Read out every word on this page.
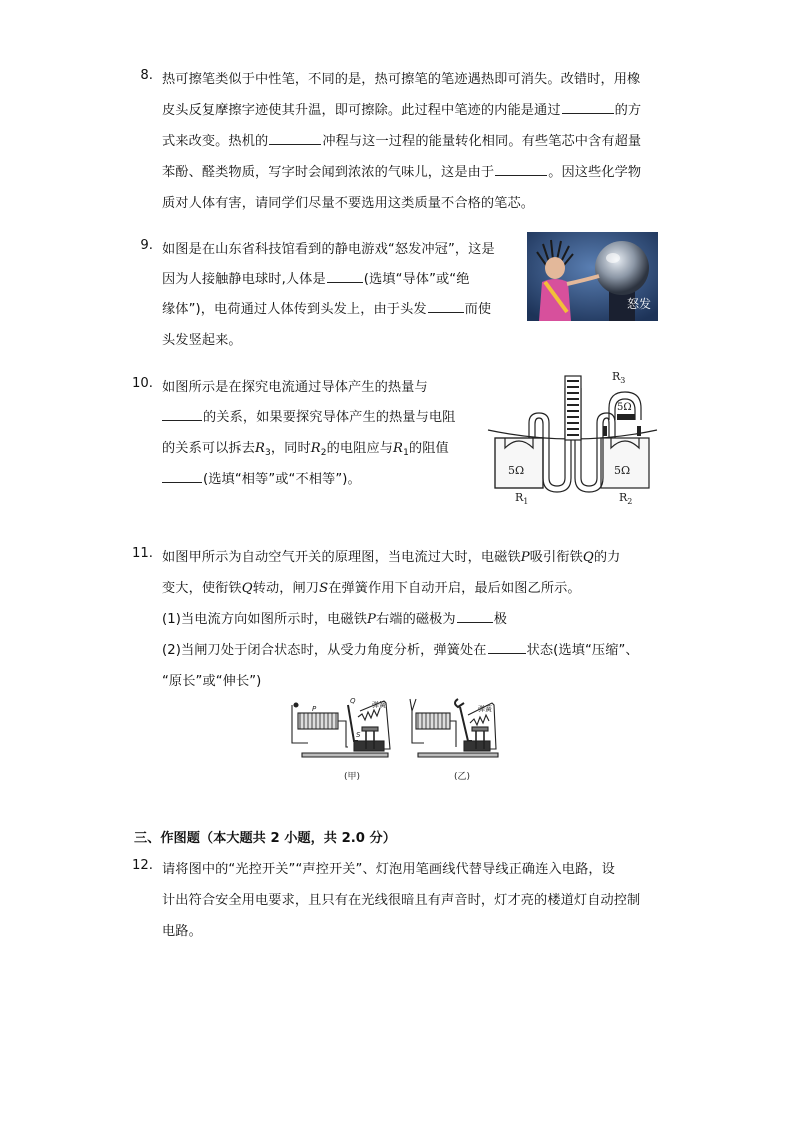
8. 热可擦笔类似于中性笔，不同的是，热可擦笔的笔迹遇热即可消失。改错时，用橡
皮头反复摩擦字迹使其升温，即可擦除。此过程中笔迹的内能是通过	的方
式来改变。热机的	冲程与这一过程的能量转化相同。有些笔芯中含有超量
苯酚、醛类物质，写字时会闻到浓浓的气味儿，这是由于	。因这些化学物
质对人体有害，请同学们尽量不要选用这类质量不合格的笔芯。
9. 如图是在山东省科技馆看到的静电游戏“怒发冲冠”，这是
因为人接触静电球时,人体是	(选填“导体”或“绝
缘体”)，电荷通过人体传到头发上，由于头发	而使
头发竖起来。
怒发
10. 如图所示是在探究电流通过导体产生的热量与
的关系，如果要探究导体产生的热量与电阻
的关系可以拆去$R_3$，同时$R_2$的电阻应与$R_1$的阻值
(选填“相等”或“不相等”)。
$R_3$
5Ω
5Ω	5Ω
$R_1$	$R_2$
11. 如图甲所示为自动空气开关的原理图，当电流过大时，电磁铁P吸引衔铁Q的力
变大，使衔铁Q转动，闸刀S在弹簧作用下自动开启，最后如图乙所示。
(1)当电流方向如图所示时，电磁铁P右端的磁极为	极
(2)当闸刀处于闭合状态时，从受力角度分析，弹簧处在	状态(选填“压缩”、
“原长”或“伸长”)
弹簧	弹簧
P
Q
S
(甲)	(乙)
三、作图题（本大题共 2 小题，共 2.0 分）
12. 请将图中的“光控开关”“声控开关”、灯泡用笔画线代替导线正确连入电路，设
计出符合安全用电要求，且只有在光线很暗且有声音时，灯才亮的楼道灯自动控制
电路。
